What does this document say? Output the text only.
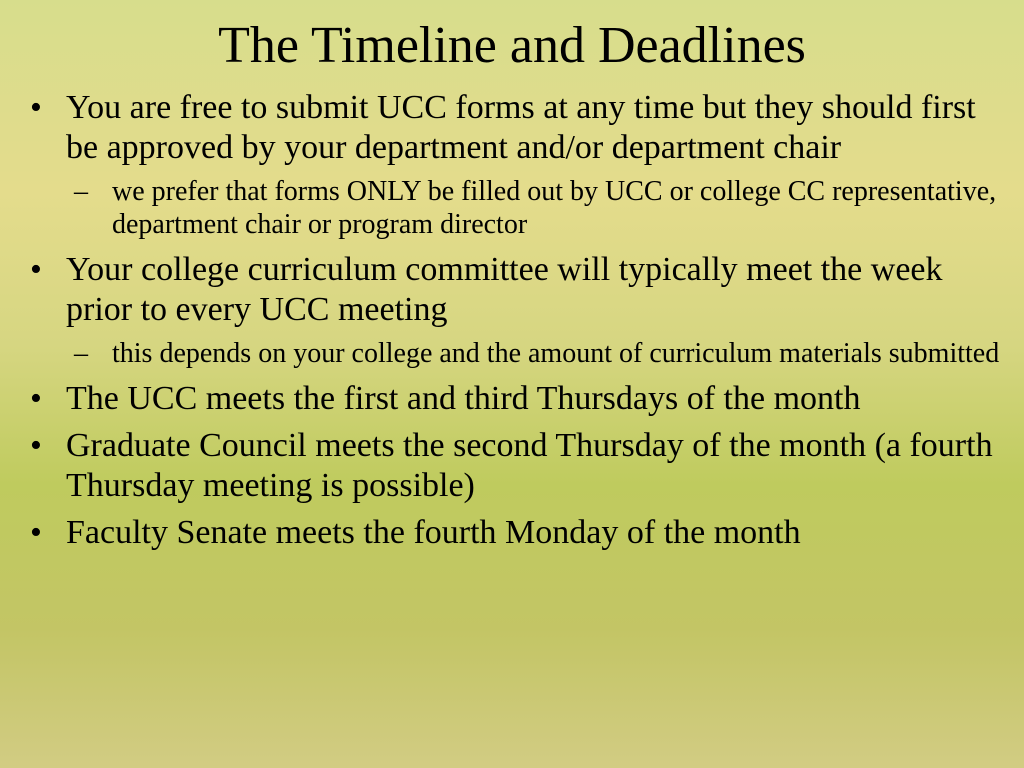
The Timeline and Deadlines
• You are free to submit UCC forms at any time but they should first be approved by your department and/or department chair
– we prefer that forms ONLY be filled out by UCC or college CC representative, department chair or program director
• Your college curriculum committee will typically meet the week prior to every UCC meeting
– this depends on your college and the amount of curriculum materials submitted
• The UCC meets the first and third Thursdays of the month
• Graduate Council meets the second Thursday of the month (a fourth Thursday meeting is possible)
• Faculty Senate meets the fourth Monday of the month
